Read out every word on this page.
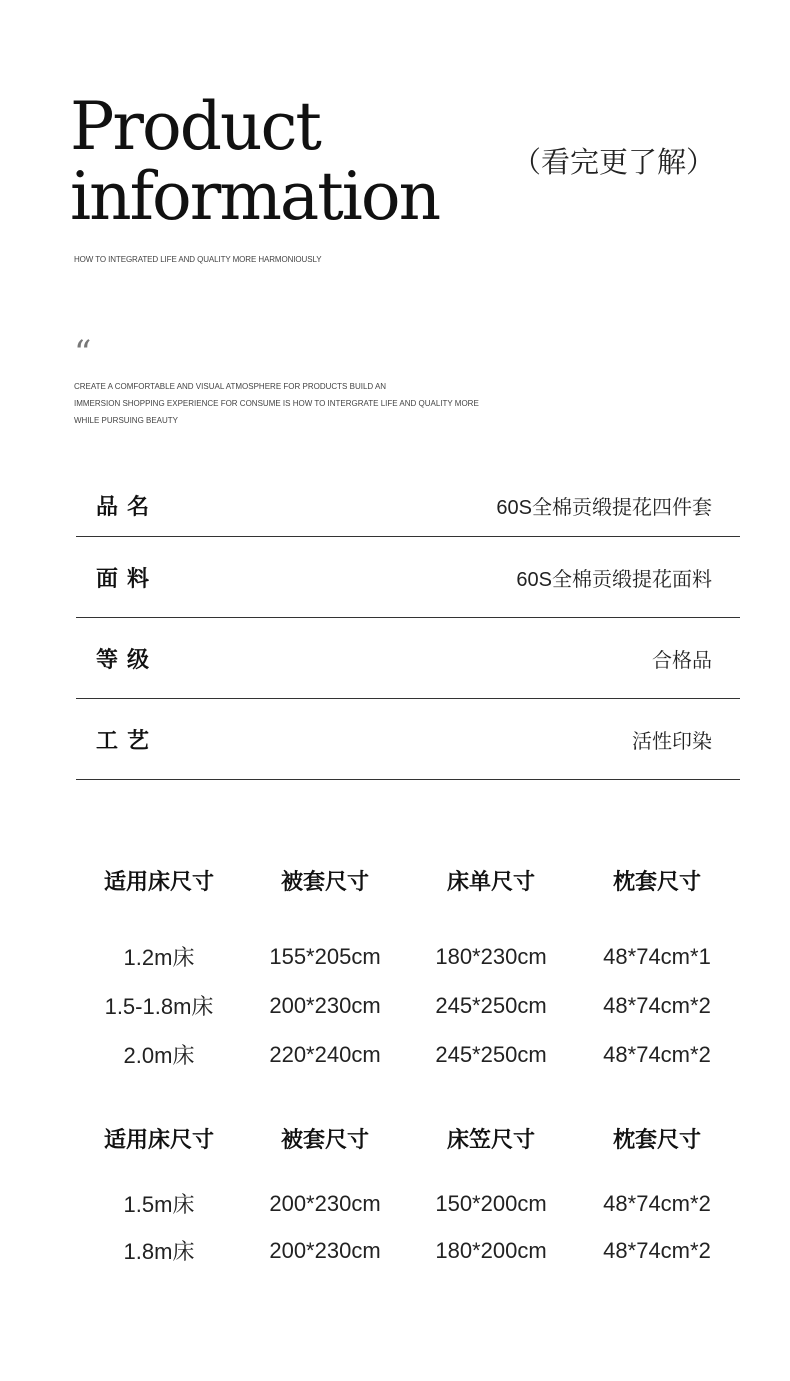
Product
information	（看完更了解）
HOW TO INTEGRATED LIFE AND QUALITY MORE HARMONIOUSLY
“
CREATE A COMFORTABLE AND VISUAL ATMOSPHERE FOR PRODUCTS BUILD AN
IMMERSION SHOPPING EXPERIENCE FOR CONSUME IS HOW TO INTERGRATE LIFE AND QUALITY MORE
WHILE PURSUING BEAUTY
品名	60S全棉贡缎提花四件套
面料	60S全棉贡缎提花面料
等级	合格品
工艺	活性印染
适用床尺寸	被套尺寸	床单尺寸	枕套尺寸
1.2m床	155*205cm	180*230cm	48*74cm*1
1.5-1.8m床	200*230cm	245*250cm	48*74cm*2
2.0m床	220*240cm	245*250cm	48*74cm*2
适用床尺寸	被套尺寸	床笠尺寸	枕套尺寸
1.5m床	200*230cm	150*200cm	48*74cm*2
1.8m床	200*230cm	180*200cm	48*74cm*2
